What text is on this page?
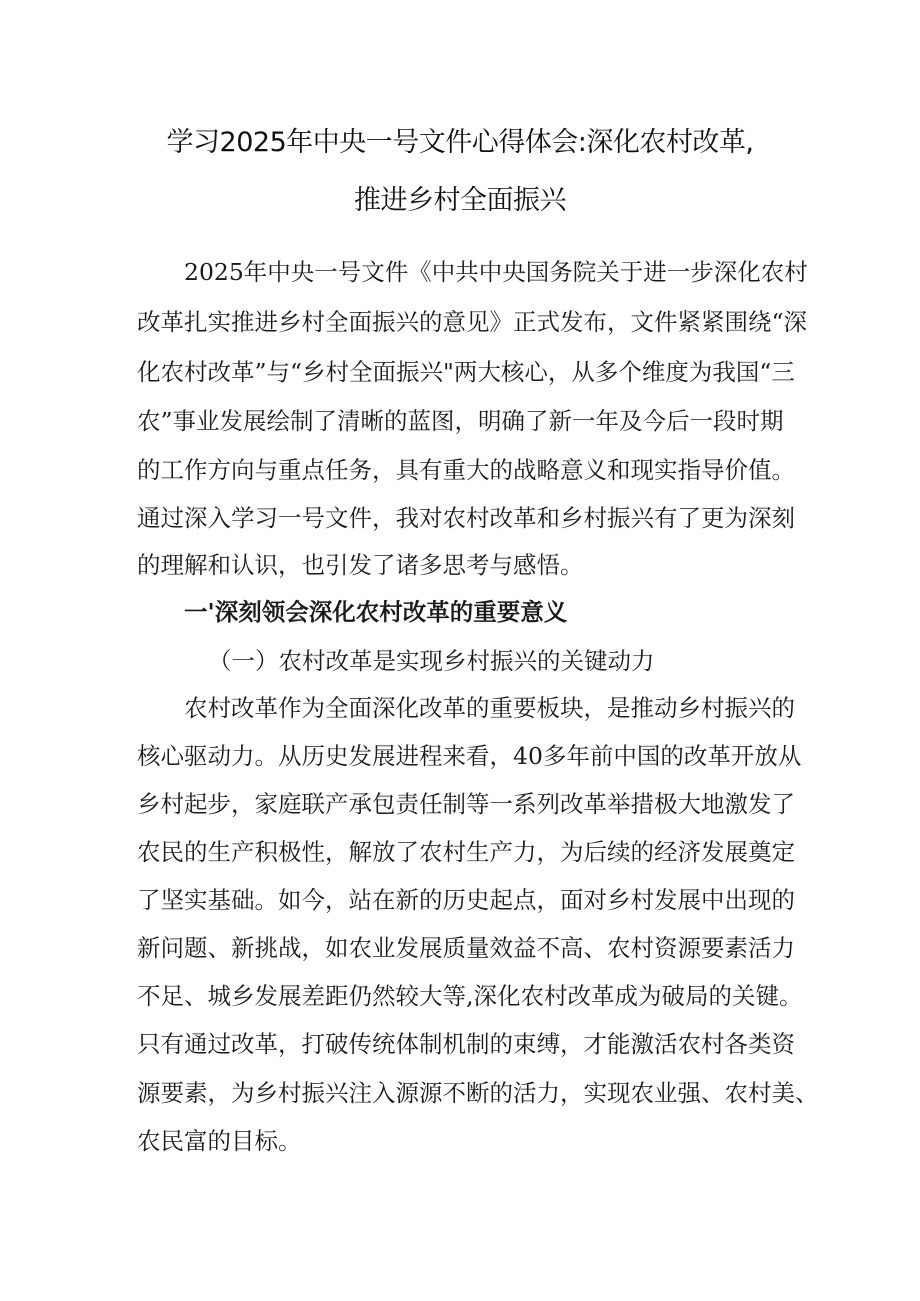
学习2025年中央一号文件心得体会:深化农村改革,
推进乡村全面振兴
2025年中央一号文件《中共中央国务院关于进一步深化农村
改革扎实推进乡村全面振兴的意见》正式发布，文件紧紧围绕“深
化农村改革”与“乡村全面振兴"两大核心，从多个维度为我国“三
农”事业发展绘制了清晰的蓝图，明确了新一年及今后一段时期
的工作方向与重点任务，具有重大的战略意义和现实指导价值。
通过深入学习一号文件，我对农村改革和乡村振兴有了更为深刻
的理解和认识，也引发了诸多思考与感悟。
一'深刻领会深化农村改革的重要意义
（一）农村改革是实现乡村振兴的关键动力
农村改革作为全面深化改革的重要板块，是推动乡村振兴的
核心驱动力。从历史发展进程来看，40多年前中国的改革开放从
乡村起步，家庭联产承包责任制等一系列改革举措极大地激发了
农民的生产积极性，解放了农村生产力，为后续的经济发展奠定
了坚实基础。如今，站在新的历史起点，面对乡村发展中出现的
新问题、新挑战，如农业发展质量效益不高、农村资源要素活力
不足、城乡发展差距仍然较大等,深化农村改革成为破局的关键。
只有通过改革，打破传统体制机制的束缚，才能激活农村各类资
源要素，为乡村振兴注入源源不断的活力，实现农业强、农村美、
农民富的目标。
